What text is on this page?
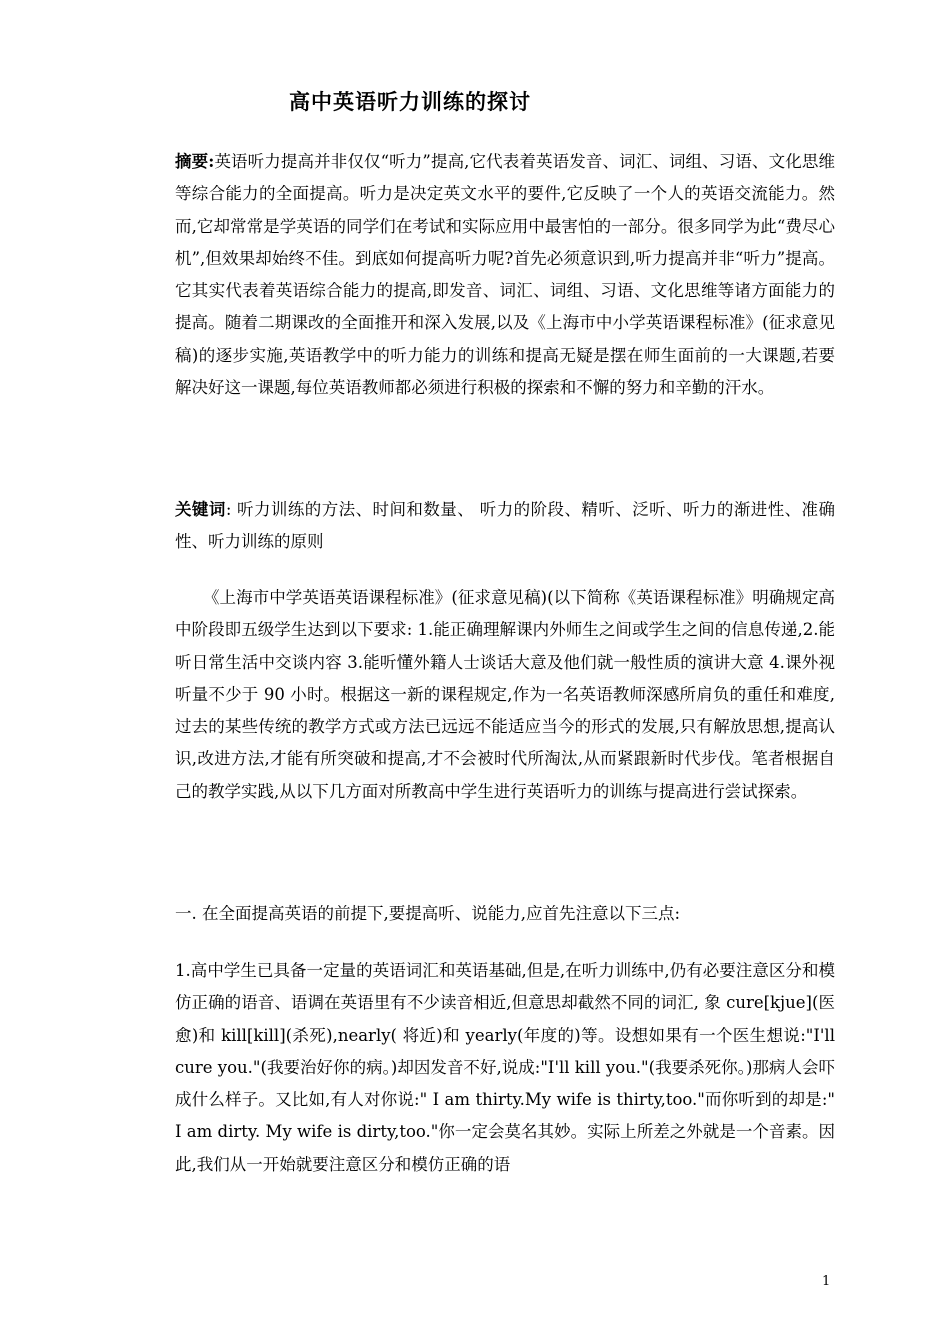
高中英语听力训练的探讨
摘要:英语听力提高并非仅仅“听力”提高,它代表着英语发音、词汇、词组、习语、文化思维等综合能力的全面提高。听力是决定英文水平的要件,它反映了一个人的英语交流能力。然而,它却常常是学英语的同学们在考试和实际应用中最害怕的一部分。很多同学为此“费尽心机”,但效果却始终不佳。到底如何提高听力呢?首先必须意识到,听力提高并非“听力”提高。它其实代表着英语综合能力的提高,即发音、词汇、词组、习语、文化思维等诸方面能力的提高。随着二期课改的全面推开和深入发展,以及《上海市中小学英语课程标准》(征求意见稿)的逐步实施,英语教学中的听力能力的训练和提高无疑是摆在师生面前的一大课题,若要解决好这一课题,每位英语教师都必须进行积极的探索和不懈的努力和辛勤的汗水。
关键词: 听力训练的方法、时间和数量、 听力的阶段、精听、泛听、听力的渐进性、准确性、听力训练的原则
《上海市中学英语英语课程标准》(征求意见稿)(以下简称《英语课程标准》明确规定高中阶段即五级学生达到以下要求: 1.能正确理解课内外师生之间或学生之间的信息传递,2.能听日常生活中交谈内容 3.能听懂外籍人士谈话大意及他们就一般性质的演讲大意 4.课外视听量不少于 90 小时。根据这一新的课程规定,作为一名英语教师深感所肩负的重任和难度,过去的某些传统的教学方式或方法已远远不能适应当今的形式的发展,只有解放思想,提高认识,改进方法,才能有所突破和提高,才不会被时代所淘汰,从而紧跟新时代步伐。笔者根据自己的教学实践,从以下几方面对所教高中学生进行英语听力的训练与提高进行尝试探索。
一. 在全面提高英语的前提下,要提高听、说能力,应首先注意以下三点:
1.高中学生已具备一定量的英语词汇和英语基础,但是,在听力训练中,仍有必要注意区分和模仿正确的语音、语调在英语里有不少读音相近,但意思却截然不同的词汇, 象 cure[kjue](医愈)和 kill[kill](杀死),nearly( 将近)和 yearly(年度的)等。设想如果有一个医生想说:"I'll cure you."(我要治好你的病。)却因发音不好,说成:"I'll kill you."(我要杀死你。)那病人会吓成什么样子。又比如,有人对你说:" I am thirty.My wife is thirty,too."而你听到的却是:" I am dirty. My wife is dirty,too."你一定会莫名其妙。实际上所差之外就是一个音素。因此,我们从一开始就要注意区分和模仿正确的语
1
